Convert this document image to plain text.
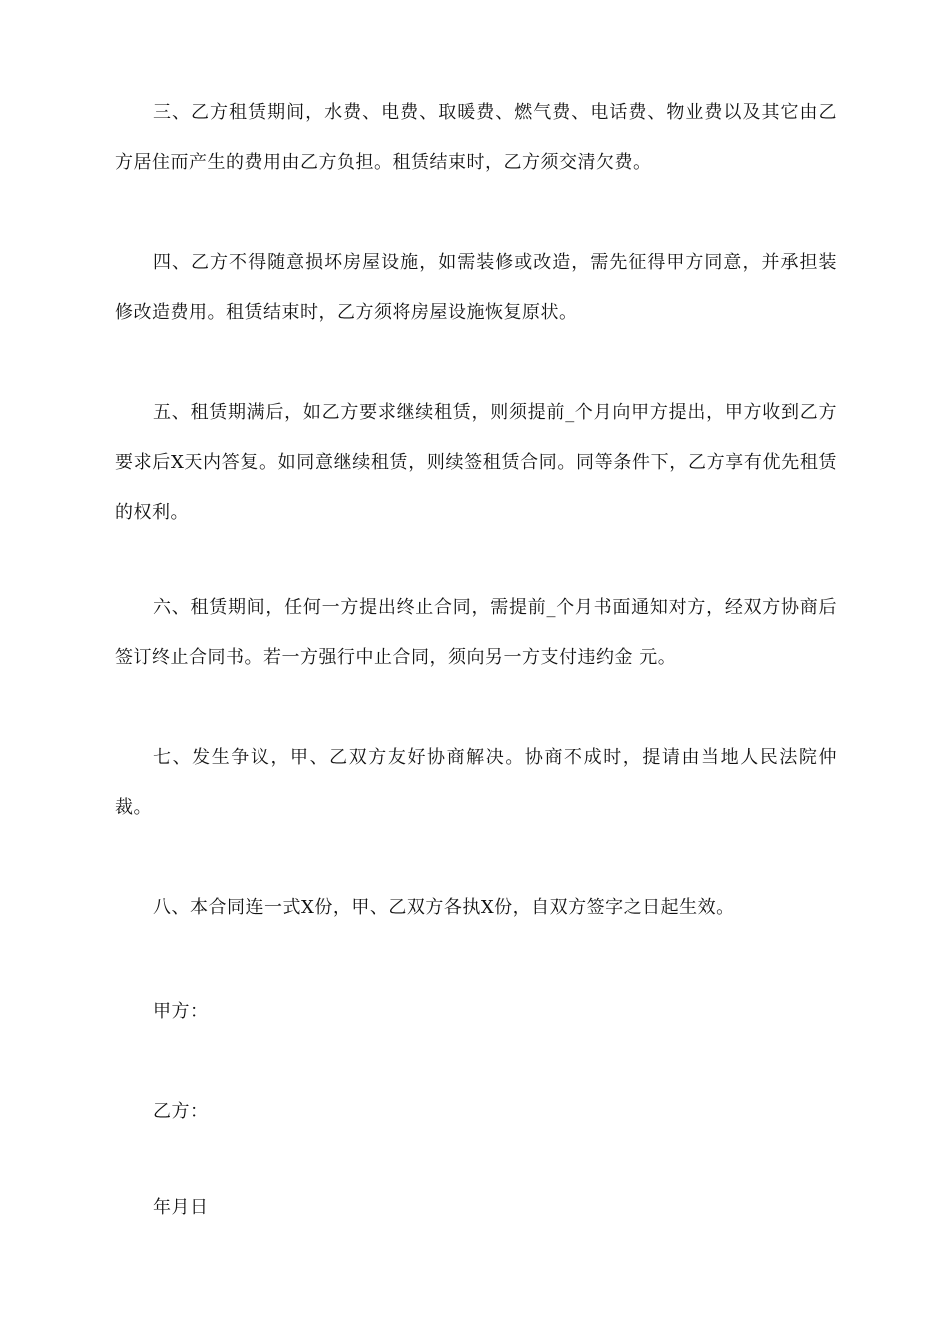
三、乙方租赁期间，水费、电费、取暖费、燃气费、电话费、物业费以及其它由乙方居住而产生的费用由乙方负担。租赁结束时，乙方须交清欠费。

四、乙方不得随意损坏房屋设施，如需装修或改造，需先征得甲方同意，并承担装修改造费用。租赁结束时，乙方须将房屋设施恢复原状。

五、租赁期满后，如乙方要求继续租赁，则须提前_个月向甲方提出，甲方收到乙方要求后X天内答复。如同意继续租赁，则续签租赁合同。同等条件下，乙方享有优先租赁的权利。

六、租赁期间，任何一方提出终止合同，需提前_个月书面通知对方，经双方协商后签订终止合同书。若一方强行中止合同，须向另一方支付违约金 元。

七、发生争议，甲、乙双方友好协商解决。协商不成时，提请由当地人民法院仲裁。

八、本合同连一式X份，甲、乙双方各执X份，自双方签字之日起生效。

甲方：

乙方：

年月日
